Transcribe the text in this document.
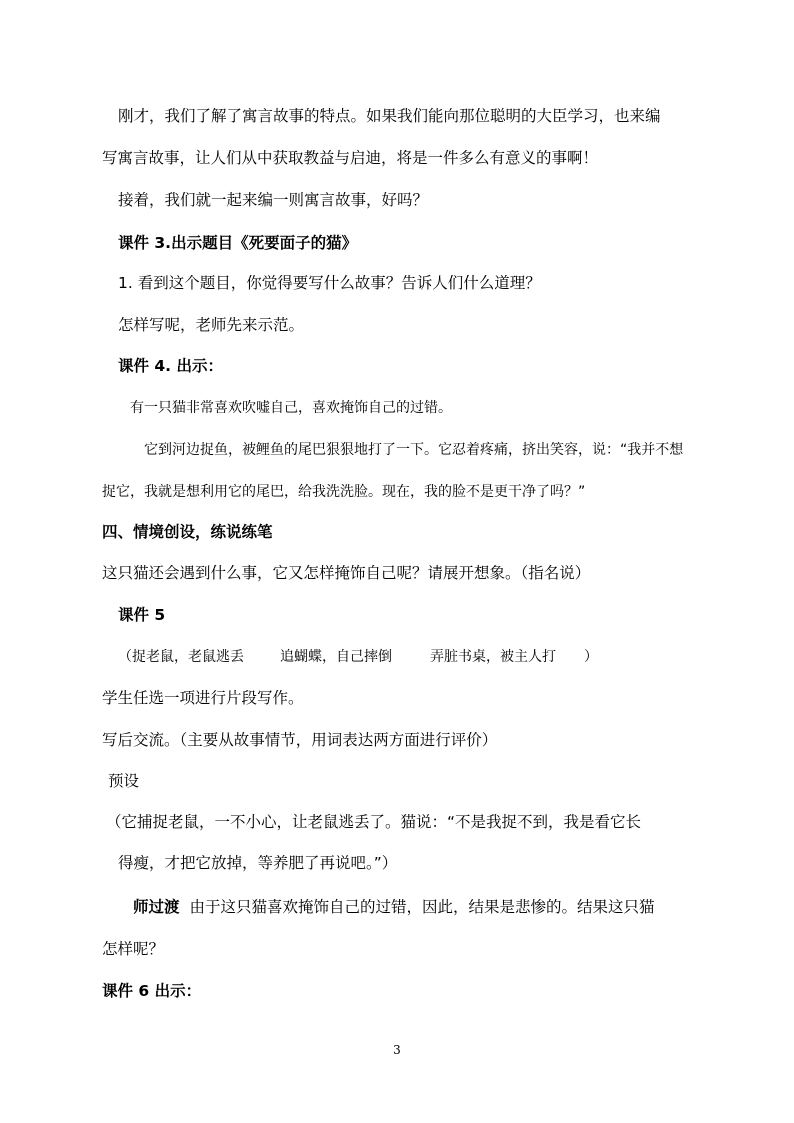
刚才，我们了解了寓言故事的特点。如果我们能向那位聪明的大臣学习，也来编
写寓言故事，让人们从中获取教益与启迪，将是一件多么有意义的事啊！
接着，我们就一起来编一则寓言故事，好吗？
课件 3.出示题目《死要面子的猫》
1. 看到这个题目，你觉得要写什么故事？告诉人们什么道理？
怎样写呢，老师先来示范。
课件 4. 出示：
有一只猫非常喜欢吹嘘自己，喜欢掩饰自己的过错。
它到河边捉鱼，被鲤鱼的尾巴狠狠地打了一下。它忍着疼痛，挤出笑容，说：“我并不想
捉它，我就是想利用它的尾巴，给我洗洗脸。现在，我的脸不是更干净了吗？”
四、情境创设，练说练笔
这只猫还会遇到什么事，它又怎样掩饰自己呢？请展开想象。（指名说）
课件 5
（捉老鼠，老鼠逃丢	追蝴蝶，自己摔倒	弄脏书桌，被主人打 ）
学生任选一项进行片段写作。
写后交流。（主要从故事情节，用词表达两方面进行评价）
预设
（它捕捉老鼠，一不小心，让老鼠逃丢了。猫说：“不是我捉不到，我是看它长
得瘦，才把它放掉，等养肥了再说吧。”）
师过渡 由于这只猫喜欢掩饰自己的过错，因此，结果是悲惨的。结果这只猫
怎样呢？
课件 6 出示：
3
